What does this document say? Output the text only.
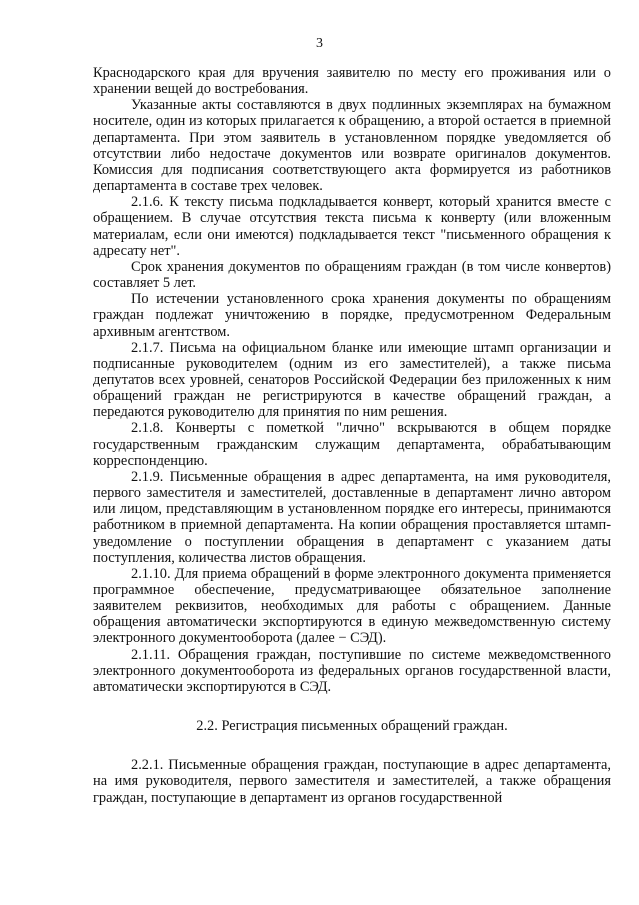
3

Краснодарского края для вручения заявителю по месту его проживания или о хранении вещей до востребования.

Указанные акты составляются в двух подлинных экземплярах на бумажном носителе, один из которых прилагается к обращению, а второй остается в приемной департамента. При этом заявитель в установленном порядке уведомляется об отсутствии либо недостаче документов или возврате оригиналов документов. Комиссия для подписания соответствующего акта формируется из работников департамента в составе трех человек.

2.1.6. К тексту письма подкладывается конверт, который хранится вместе с обращением. В случае отсутствия текста письма к конверту (или вложенным материалам, если они имеются) подкладывается текст "письменного обращения к адресату нет".

Срок хранения документов по обращениям граждан (в том числе конвертов) составляет 5 лет.

По истечении установленного срока хранения документы по обращениям граждан подлежат уничтожению в порядке, предусмотренном Федеральным архивным агентством.

2.1.7. Письма на официальном бланке или имеющие штамп организации и подписанные руководителем (одним из его заместителей), а также письма депутатов всех уровней, сенаторов Российской Федерации без приложенных к ним обращений граждан не регистрируются в качестве обращений граждан, а передаются руководителю для принятия по ним решения.

2.1.8. Конверты с пометкой "лично" вскрываются в общем порядке государственным гражданским служащим департамента, обрабатывающим корреспонденцию.

2.1.9. Письменные обращения в адрес департамента, на имя руководителя, первого заместителя и заместителей, доставленные в департамент лично автором или лицом, представляющим в установленном порядке его интересы, принимаются работником в приемной департамента. На копии обращения проставляется штамп-уведомление о поступлении обращения в департамент с указанием даты поступления, количества листов обращения.

2.1.10. Для приема обращений в форме электронного документа применяется программное обеспечение, предусматривающее обязательное заполнение заявителем реквизитов, необходимых для работы с обращением. Данные обращения автоматически экспортируются в единую межведомственную систему электронного документооборота (далее − СЭД).

2.1.11. Обращения граждан, поступившие по системе межведомственного электронного документооборота из федеральных органов государственной власти, автоматически экспортируются в СЭД.

2.2. Регистрация письменных обращений граждан.

2.2.1. Письменные обращения граждан, поступающие в адрес департамента, на имя руководителя, первого заместителя и заместителей, а также обращения граждан, поступающие в департамент из органов государственной
